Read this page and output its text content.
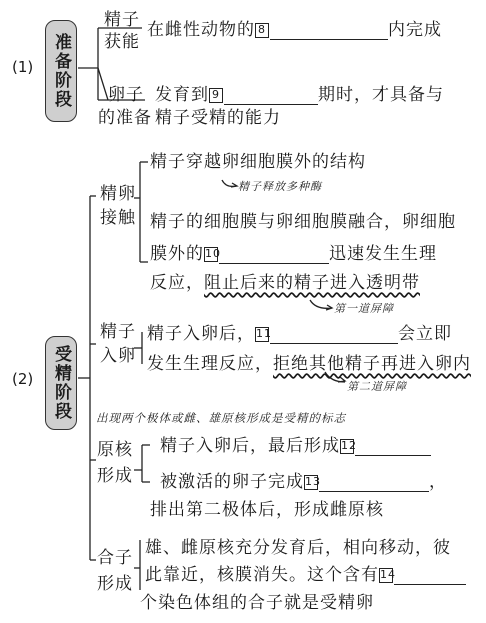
(1) 准备阶段
精子
获能
在雌性动物的 8	内完成
卵子
的准备
发育到 9	期时，才具备与
精子受精的能力
(2) 受精阶段
精卵
接触
精子穿越卵细胞膜外的结构
精子释放多种酶
精子的细胞膜与卵细胞膜融合，卵细胞
膜外的10	迅速发生生理
反应，阻止后来的精子进入透明带
第一道屏障
精子
入卵
精子入卵后，11	会立即
发生生理反应，拒绝其他精子再进入卵内
第二道屏障
出现两个极体或雌、雄原核形成是受精的标志
原核
形成
精子入卵后，最后形成12
被激活的卵子完成13	，
排出第二极体后，形成雌原核
合子
形成
雄、雌原核充分发育后，相向移动，彼
此靠近，核膜消失。这个含有14
个染色体组的合子就是受精卵
